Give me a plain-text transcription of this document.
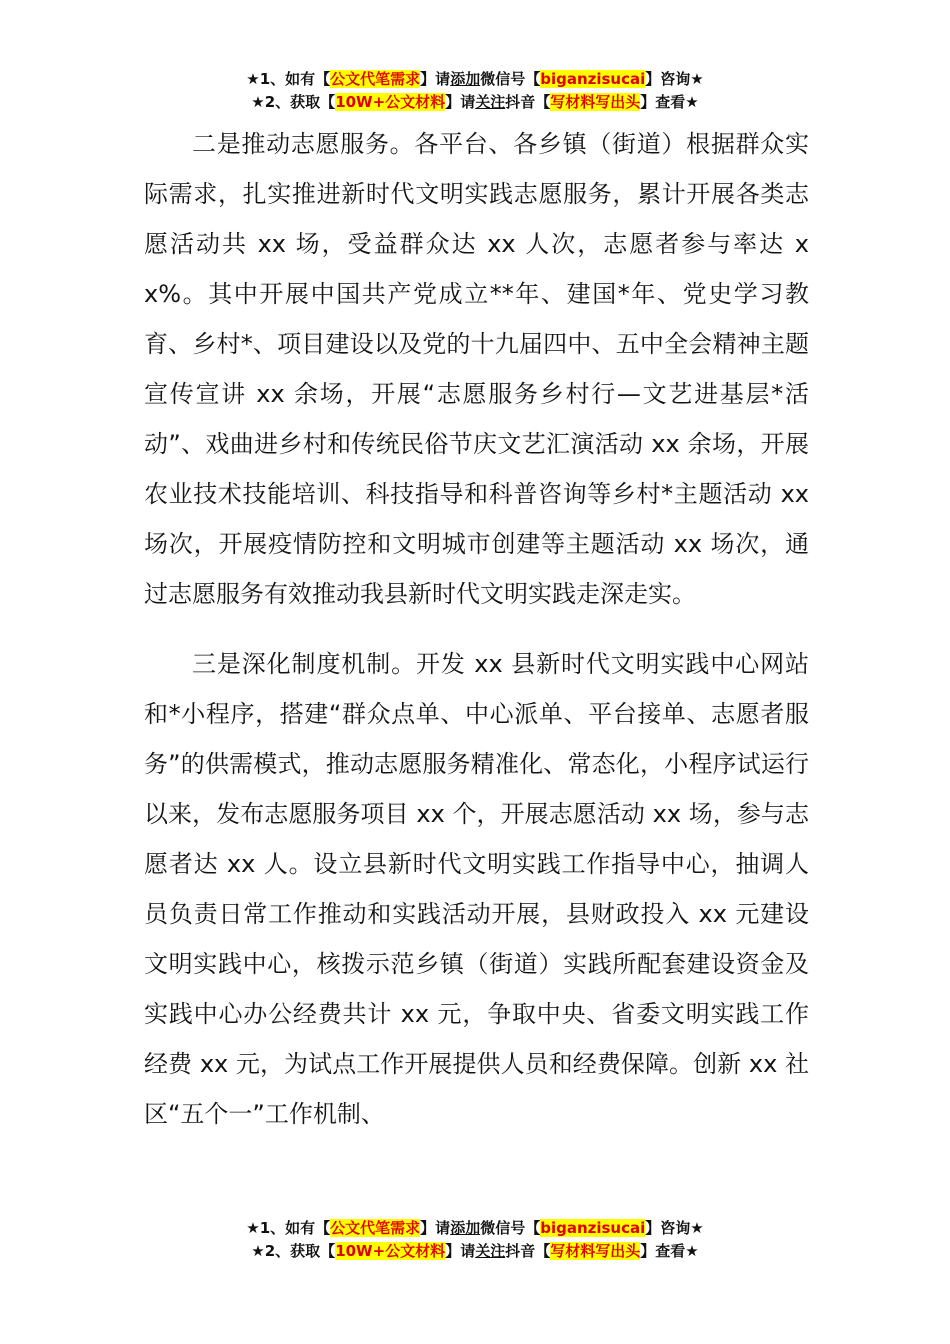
★1、如有【公文代笔需求】请添加微信号【biganzisucai】咨询★
★2、获取【10W+公文材料】请关注抖音【写材料写出头】查看★

二是推动志愿服务。各平台、各乡镇（街道）根据群众实际需求，扎实推进新时代文明实践志愿服务，累计开展各类志愿活动共 xx 场，受益群众达 xx 人次，志愿者参与率达 xx%。其中开展中国共产党成立**年、建国*年、党史学习教育、乡村*、项目建设以及党的十九届四中、五中全会精神主题宣传宣讲 xx 余场，开展“志愿服务乡村行—文艺进基层*活动”、戏曲进乡村和传统民俗节庆文艺汇演活动 xx 余场，开展农业技术技能培训、科技指导和科普咨询等乡村*主题活动 xx 场次，开展疫情防控和文明城市创建等主题活动 xx 场次，通过志愿服务有效推动我县新时代文明实践走深走实。

三是深化制度机制。开发 xx 县新时代文明实践中心网站和*小程序，搭建“群众点单、中心派单、平台接单、志愿者服务”的供需模式，推动志愿服务精准化、常态化，小程序试运行以来，发布志愿服务项目 xx 个，开展志愿活动 xx 场，参与志愿者达 xx 人。设立县新时代文明实践工作指导中心，抽调人员负责日常工作推动和实践活动开展，县财政投入 xx 元建设文明实践中心，核拨示范乡镇（街道）实践所配套建设资金及实践中心办公经费共计 xx 元，争取中央、省委文明实践工作经费 xx 元，为试点工作开展提供人员和经费保障。创新 xx 社区“五个一”工作机制、

★1、如有【公文代笔需求】请添加微信号【biganzisucai】咨询★
★2、获取【10W+公文材料】请关注抖音【写材料写出头】查看★
